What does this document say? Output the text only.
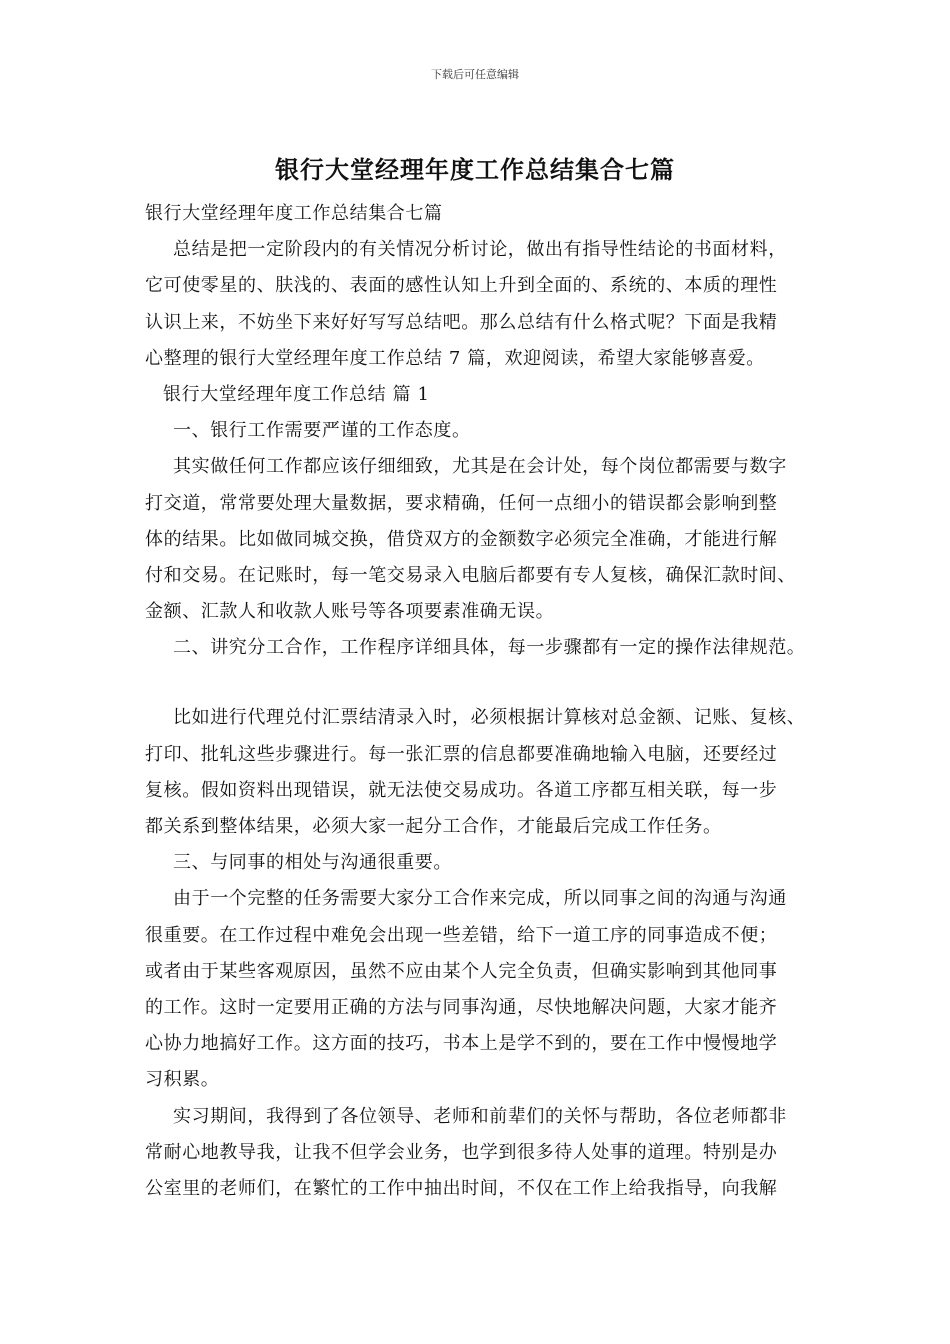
下载后可任意编辑
银行大堂经理年度工作总结集合七篇
银行大堂经理年度工作总结集合七篇
总结是把一定阶段内的有关情况分析讨论，做出有指导性结论的书面材料，
它可使零星的、肤浅的、表面的感性认知上升到全面的、系统的、本质的理性
认识上来，不妨坐下来好好写写总结吧。那么总结有什么格式呢？下面是我精
心整理的银行大堂经理年度工作总结 7 篇，欢迎阅读，希望大家能够喜爱。
银行大堂经理年度工作总结 篇 1
一、银行工作需要严谨的工作态度。
其实做任何工作都应该仔细细致，尤其是在会计处，每个岗位都需要与数字
打交道，常常要处理大量数据，要求精确，任何一点细小的错误都会影响到整
体的结果。比如做同城交换，借贷双方的金额数字必须完全准确，才能进行解
付和交易。在记账时，每一笔交易录入电脑后都要有专人复核，确保汇款时间、
金额、汇款人和收款人账号等各项要素准确无误。
二、讲究分工合作，工作程序详细具体，每一步骤都有一定的操作法律规范。
比如进行代理兑付汇票结清录入时，必须根据计算核对总金额、记账、复核、
打印、批轧这些步骤进行。每一张汇票的信息都要准确地输入电脑，还要经过
复核。假如资料出现错误，就无法使交易成功。各道工序都互相关联，每一步
都关系到整体结果，必须大家一起分工合作，才能最后完成工作任务。
三、与同事的相处与沟通很重要。
由于一个完整的任务需要大家分工合作来完成，所以同事之间的沟通与沟通
很重要。在工作过程中难免会出现一些差错，给下一道工序的同事造成不便；
或者由于某些客观原因，虽然不应由某个人完全负责，但确实影响到其他同事
的工作。这时一定要用正确的方法与同事沟通，尽快地解决问题，大家才能齐
心协力地搞好工作。这方面的技巧，书本上是学不到的，要在工作中慢慢地学
习积累。
实习期间，我得到了各位领导、老师和前辈们的关怀与帮助，各位老师都非
常耐心地教导我，让我不但学会业务，也学到很多待人处事的道理。特别是办
公室里的老师们，在繁忙的工作中抽出时间，不仅在工作上给我指导，向我解
